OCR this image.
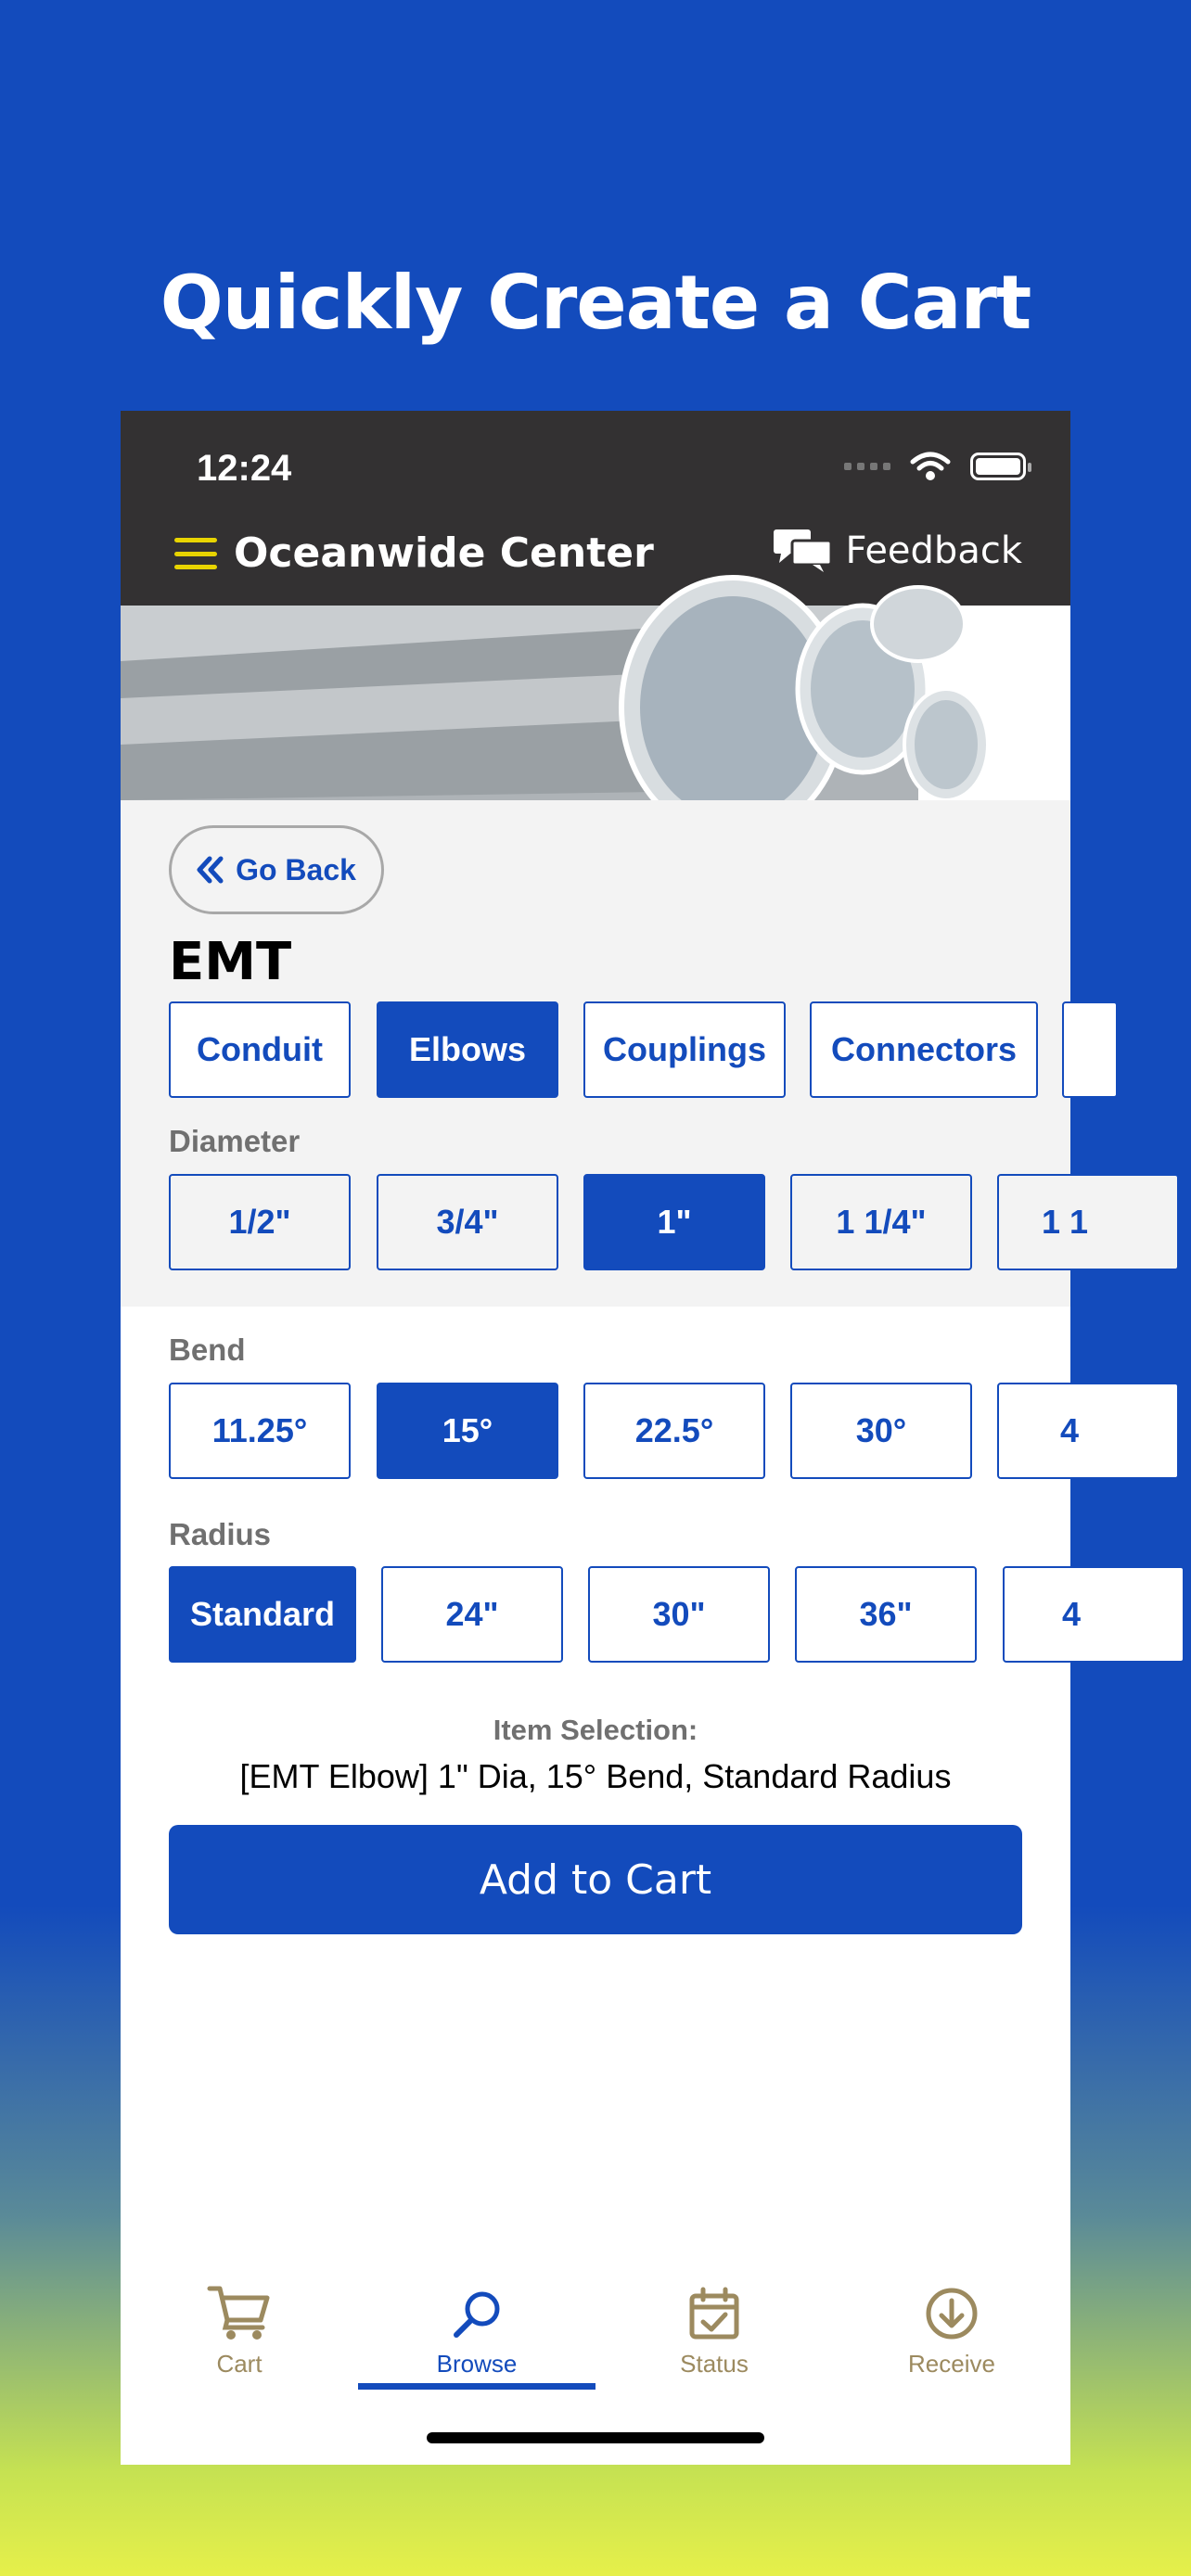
Quickly Create a Cart
12:24
Oceanwide Center	Feedback
Go Back
EMT
Conduit	Elbows	Couplings	Connectors
Diameter
1/2"	3/4"	1"	1 1/4"	1 1
Bend
11.25°	15°	22.5°	30°	4
Radius
Standard	24"	30"	36"	4
Item Selection:
[EMT Elbow] 1" Dia, 15° Bend, Standard Radius
Add to Cart
Cart	Browse	Status	Receive
